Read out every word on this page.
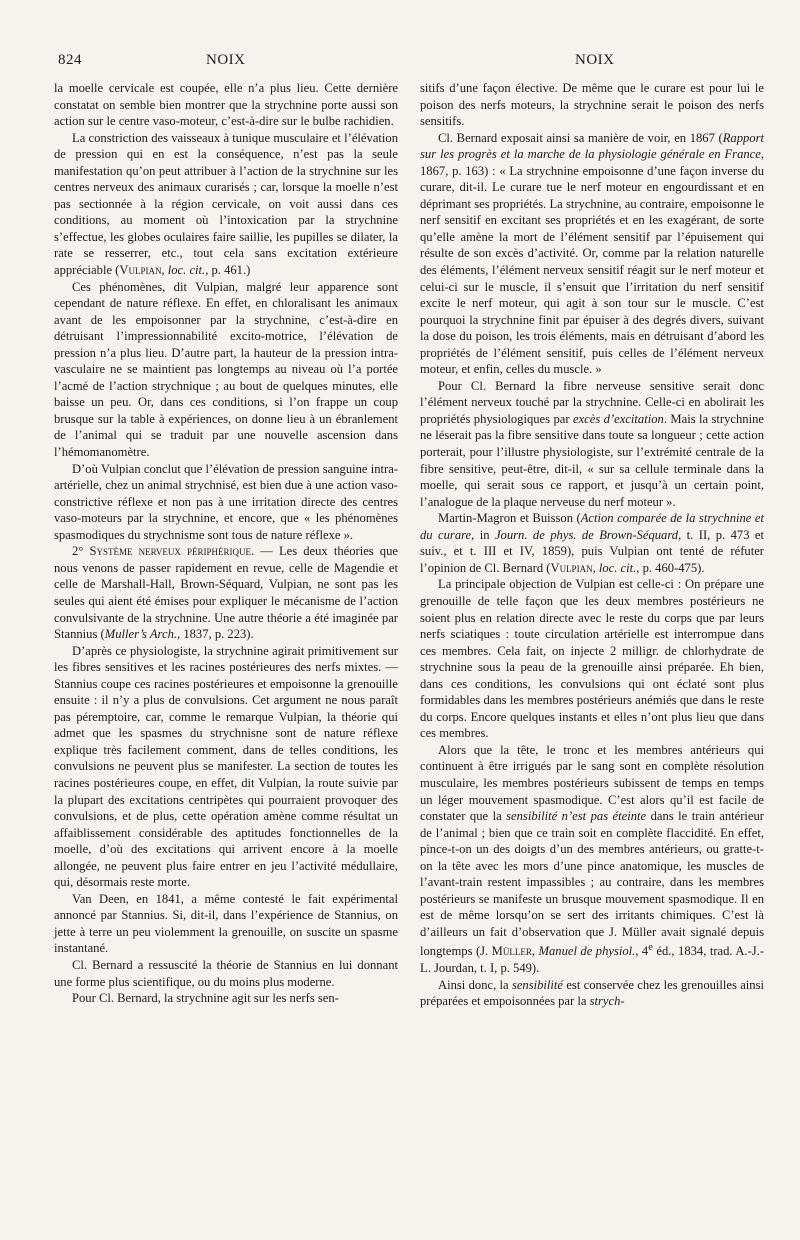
824	NOIX	NOIX

la moelle cervicale est coupée, elle n’a plus lieu. Cette dernière constatat on semble bien montrer que la strychnine porte aussi son action sur le centre vaso-moteur, c’est-à-dire sur le bulbe rachidien.

La constriction des vaisseaux à tunique musculaire et l’élévation de pression qui en est la conséquence, n’est pas la seule manifestation qu’on peut attribuer à l’action de la strychnine sur les centres nerveux des animaux curarisés ; car, lorsque la moelle n’est pas sectionnée à la région cervicale, on voit aussi dans ces conditions, au moment où l’intoxication par la strychnine s’effectue, les globes oculaires faire saillie, les pupilles se dilater, la rate se resserrer, etc., tout cela sans excitation extérieure appréciable (Vulpian, loc. cit., p. 461.)

Ces phénomènes, dit Vulpian, malgré leur apparence sont cependant de nature réflexe. En effet, en chloralisant les animaux avant de les empoisonner par la strychnine, c’est-à-dire en détruisant l’impressionnabilité excito-motrice, l’élévation de pression n’a plus lieu. D’autre part, la hauteur de la pression intra-vasculaire ne se maintient pas longtemps au niveau où l’a portée l’acmé de l’action strychnique ; au bout de quelques minutes, elle baisse un peu. Or, dans ces conditions, si l’on frappe un coup brusque sur la table à expériences, on donne lieu à un ébranlement de l’animal qui se traduit par une nouvelle ascension dans l’hémomanomètre.

D’où Vulpian conclut que l’élévation de pression sanguine intra-artérielle, chez un animal strychnisé, est bien due à une action vaso-constrictive réflexe et non pas à une irritation directe des centres vaso-moteurs par la strychnine, et encore, que « les phénomènes spasmodiques du strychnisme sont tous de nature réflexe ».

2° Système nerveux périphérique. — Les deux théories que nous venons de passer rapidement en revue, celle de Magendie et celle de Marshall-Hall, Brown-Séquard, Vulpian, ne sont pas les seules qui aient été émises pour expliquer le mécanisme de l’action convulsivante de la strychnine. Une autre théorie a été imaginée par Stannius (Muller’s Arch., 1837, p. 223).

D’après ce physiologiste, la strychnine agirait primitivement sur les fibres sensitives et les racines postérieures des nerfs mixtes. — Stannius coupe ces racines postérieures et empoisonne la grenouille ensuite : il n’y a plus de convulsions. Cet argument ne nous paraît pas péremptoire, car, comme le remarque Vulpian, la théorie qui admet que les spasmes du strychnisne sont de nature réflexe explique très facilement comment, dans de telles conditions, les convulsions ne peuvent plus se manifester. La section de toutes les racines postérieures coupe, en effet, dit Vulpian, la route suivie par la plupart des excitations centripètes qui pourraient provoquer des convulsions, et de plus, cette opération amène comme résultat un affaiblissement considérable des aptitudes fonctionnelles de la moelle, d’où des excitations qui arrivent encore à la moelle allongée, ne peuvent plus faire entrer en jeu l’activité médullaire, qui, désormais reste morte.

Van Deen, en 1841, a même contesté le fait expérimental annoncé par Stannius. Si, dit-il, dans l’expérience de Stannius, on jette à terre un peu violemment la grenouille, on suscite un spasme instantané.

Cl. Bernard a ressuscité la théorie de Stannius en lui donnant une forme plus scientifique, ou du moins plus moderne.

Pour Cl. Bernard, la strychnine agit sur les nerfs sen-

sitifs d’une façon élective. De même que le curare est pour lui le poison des nerfs moteurs, la strychnine serait le poison des nerfs sensitifs.

Cl. Bernard exposait ainsi sa manière de voir, en 1867 (Rapport sur les progrès et la marche de la physiologie générale en France, 1867, p. 163) : « La strychnine empoisonne d’une façon inverse du curare, dit-il. Le curare tue le nerf moteur en engourdissant et en déprimant ses propriétés. La strychnine, au contraire, empoisonne le nerf sensitif en excitant ses propriétés et en les exagérant, de sorte qu’elle amène la mort de l’élément sensitif par l’épuisement qui résulte de son excès d’activité. Or, comme par la relation naturelle des éléments, l’élément nerveux sensitif réagit sur le nerf moteur et celui-ci sur le muscle, il s’ensuit que l’irritation du nerf sensitif excite le nerf moteur, qui agit à son tour sur le muscle. C’est pourquoi la strychnine finit par épuiser à des degrés divers, suivant la dose du poison, les trois éléments, mais en détruisant d’abord les propriétés de l’élément sensitif, puis celles de l’élément nerveux moteur, et enfin, celles du muscle. »

Pour Cl. Bernard la fibre nerveuse sensitive serait donc l’élément nerveux touché par la strychnine. Celle-ci en abolirait les propriétés physiologiques par excès d’excitation. Mais la strychnine ne léserait pas la fibre sensitive dans toute sa longueur ; cette action porterait, pour l’illustre physiologiste, sur l’extrémité centrale de la fibre sensitive, peut-être, dit-il, « sur sa cellule terminale dans la moelle, qui serait sous ce rapport, et jusqu’à un certain point, l’analogue de la plaque nerveuse du nerf moteur ».

Martin-Magron et Buisson (Action comparée de la strychnine et du curare, in Journ. de phys. de Brown-Séquard, t. II, p. 473 et suiv., et t. III et IV, 1859), puis Vulpian ont tenté de réfuter l’opinion de Cl. Bernard (Vulpian, loc. cit., p. 460-475).

La principale objection de Vulpian est celle-ci : On prépare une grenouille de telle façon que les deux membres postérieurs ne soient plus en relation directe avec le reste du corps que par leurs nerfs sciatiques : toute circulation artérielle est interrompue dans ces membres. Cela fait, on injecte 2 milligr. de chlorhydrate de strychnine sous la peau de la grenouille ainsi préparée. Eh bien, dans ces conditions, les convulsions qui ont éclaté sont plus formidables dans les membres postérieurs anémiés que dans le reste du corps. Encore quelques instants et elles n’ont plus lieu que dans ces membres.

Alors que la tête, le tronc et les membres antérieurs qui continuent à être irrigués par le sang sont en complète résolution musculaire, les membres postérieurs subissent de temps en temps un léger mouvement spasmodique. C’est alors qu’il est facile de constater que la sensibilité n’est pas éteinte dans le train antérieur de l’animal ; bien que ce train soit en complète flaccidité. En effet, pince-t-on un des doigts d’un des membres antérieurs, ou gratte-t-on la tête avec les mors d’une pince anatomique, les muscles de l’avant-train restent impassibles ; au contraire, dans les membres postérieurs se manifeste un brusque mouvement spasmodique. Il en est de même lorsqu’on se sert des irritants chimiques. C’est là d’ailleurs un fait d’observation que J. Müller avait signalé depuis longtemps (J. Müller, Manuel de physiol., 4e éd., 1834, trad. A.-J.-L. Jourdan, t. I, p. 549).

Ainsi donc, la sensibilité est conservée chez les grenouilles ainsi préparées et empoisonnées par la strych-
